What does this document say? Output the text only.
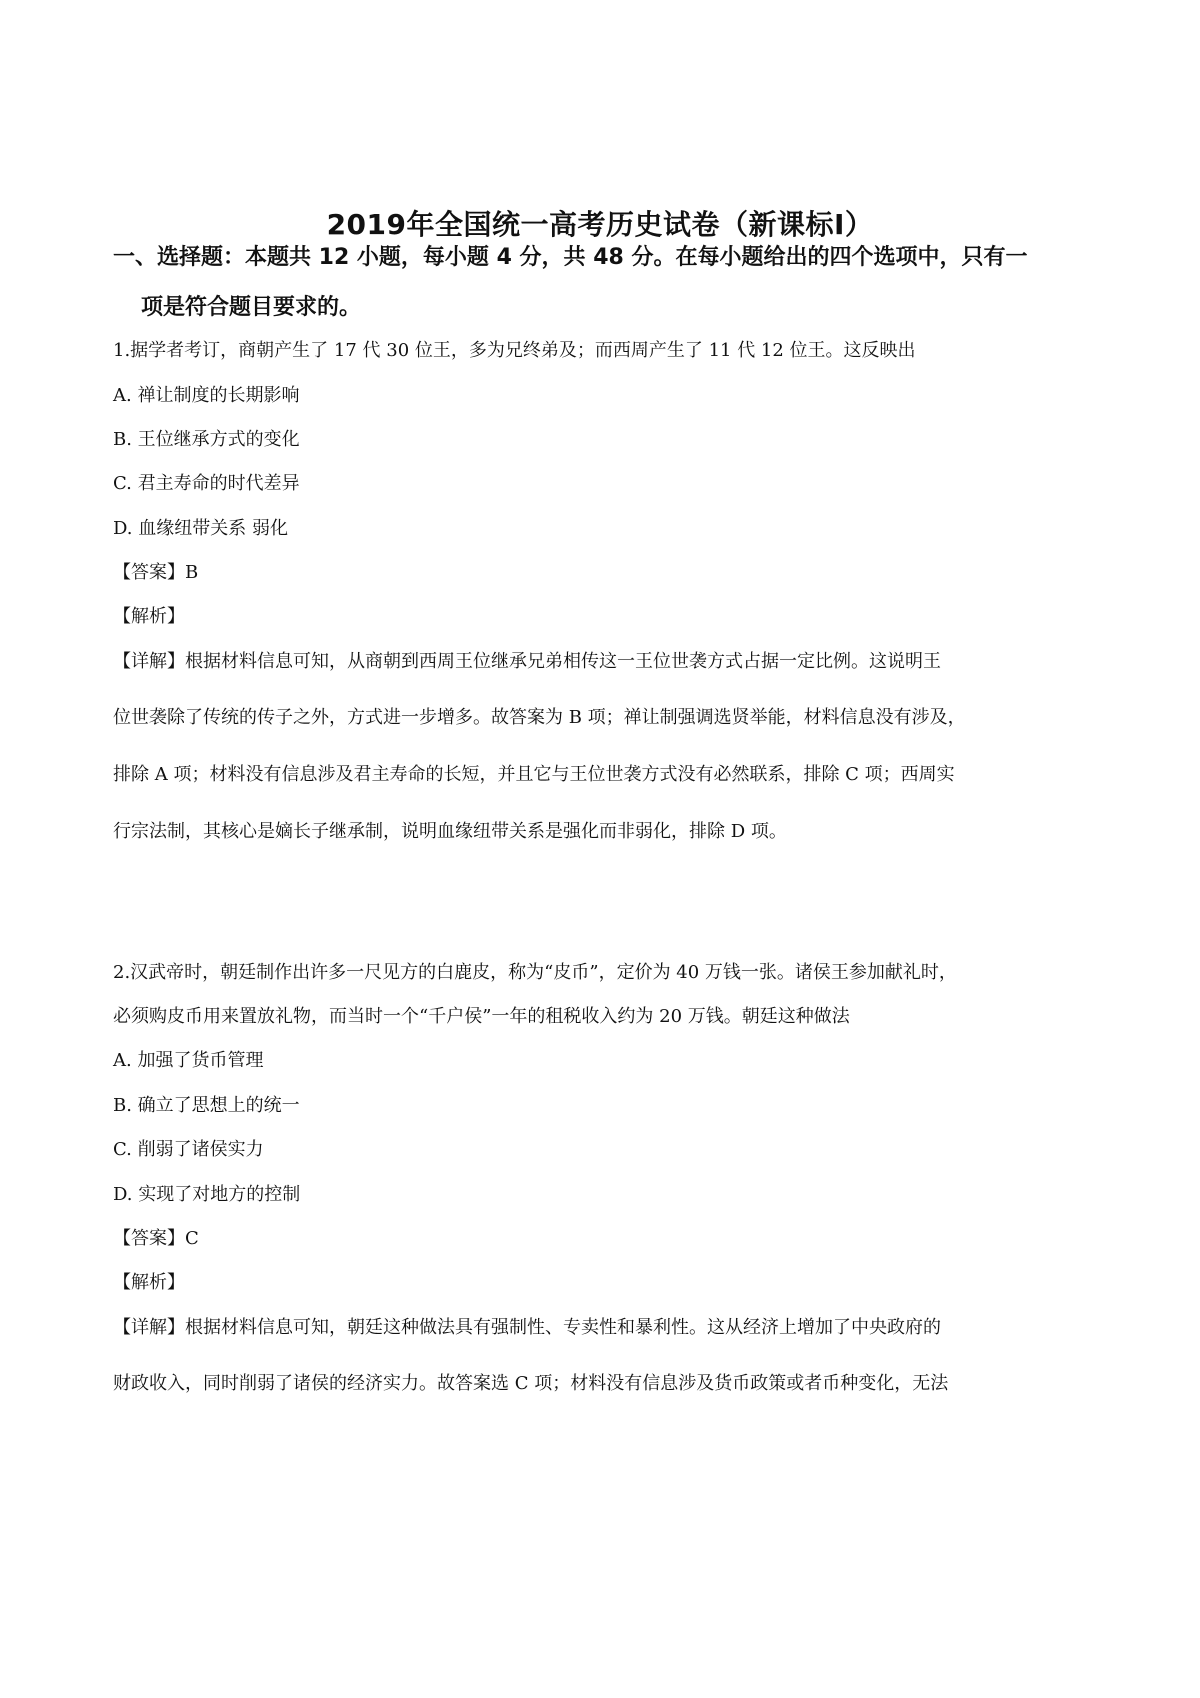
2019年全国统一高考历史试卷（新课标Ⅰ）
一、选择题：本题共 12 小题，每小题 4 分，共 48 分。在每小题给出的四个选项中，只有一
项是符合题目要求的。
1.据学者考订，商朝产生了 17 代 30 位王，多为兄终弟及；而西周产生了 11 代 12 位王。这反映出
A. 禅让制度的长期影响
B. 王位继承方式的变化
C. 君主寿命的时代差异
D. 血缘纽带关系 弱化
【答案】B
【解析】
【详解】根据材料信息可知，从商朝到西周王位继承兄弟相传这一王位世袭方式占据一定比例。这说明王
位世袭除了传统的传子之外，方式进一步增多。故答案为 B 项；禅让制强调选贤举能，材料信息没有涉及，
排除 A 项；材料没有信息涉及君主寿命的长短，并且它与王位世袭方式没有必然联系，排除 C 项；西周实
行宗法制，其核心是嫡长子继承制，说明血缘纽带关系是强化而非弱化，排除 D 项。
2.汉武帝时，朝廷制作出许多一尺见方的白鹿皮，称为“皮币”，定价为 40 万钱一张。诸侯王参加献礼时，
必须购皮币用来置放礼物，而当时一个“千户侯”一年的租税收入约为 20 万钱。朝廷这种做法
A. 加强了货币管理
B. 确立了思想上的统一
C. 削弱了诸侯实力
D. 实现了对地方的控制
【答案】C
【解析】
【详解】根据材料信息可知，朝廷这种做法具有强制性、专卖性和暴利性。这从经济上增加了中央政府的
财政收入，同时削弱了诸侯的经济实力。故答案选 C 项；材料没有信息涉及货币政策或者币种变化，无法
